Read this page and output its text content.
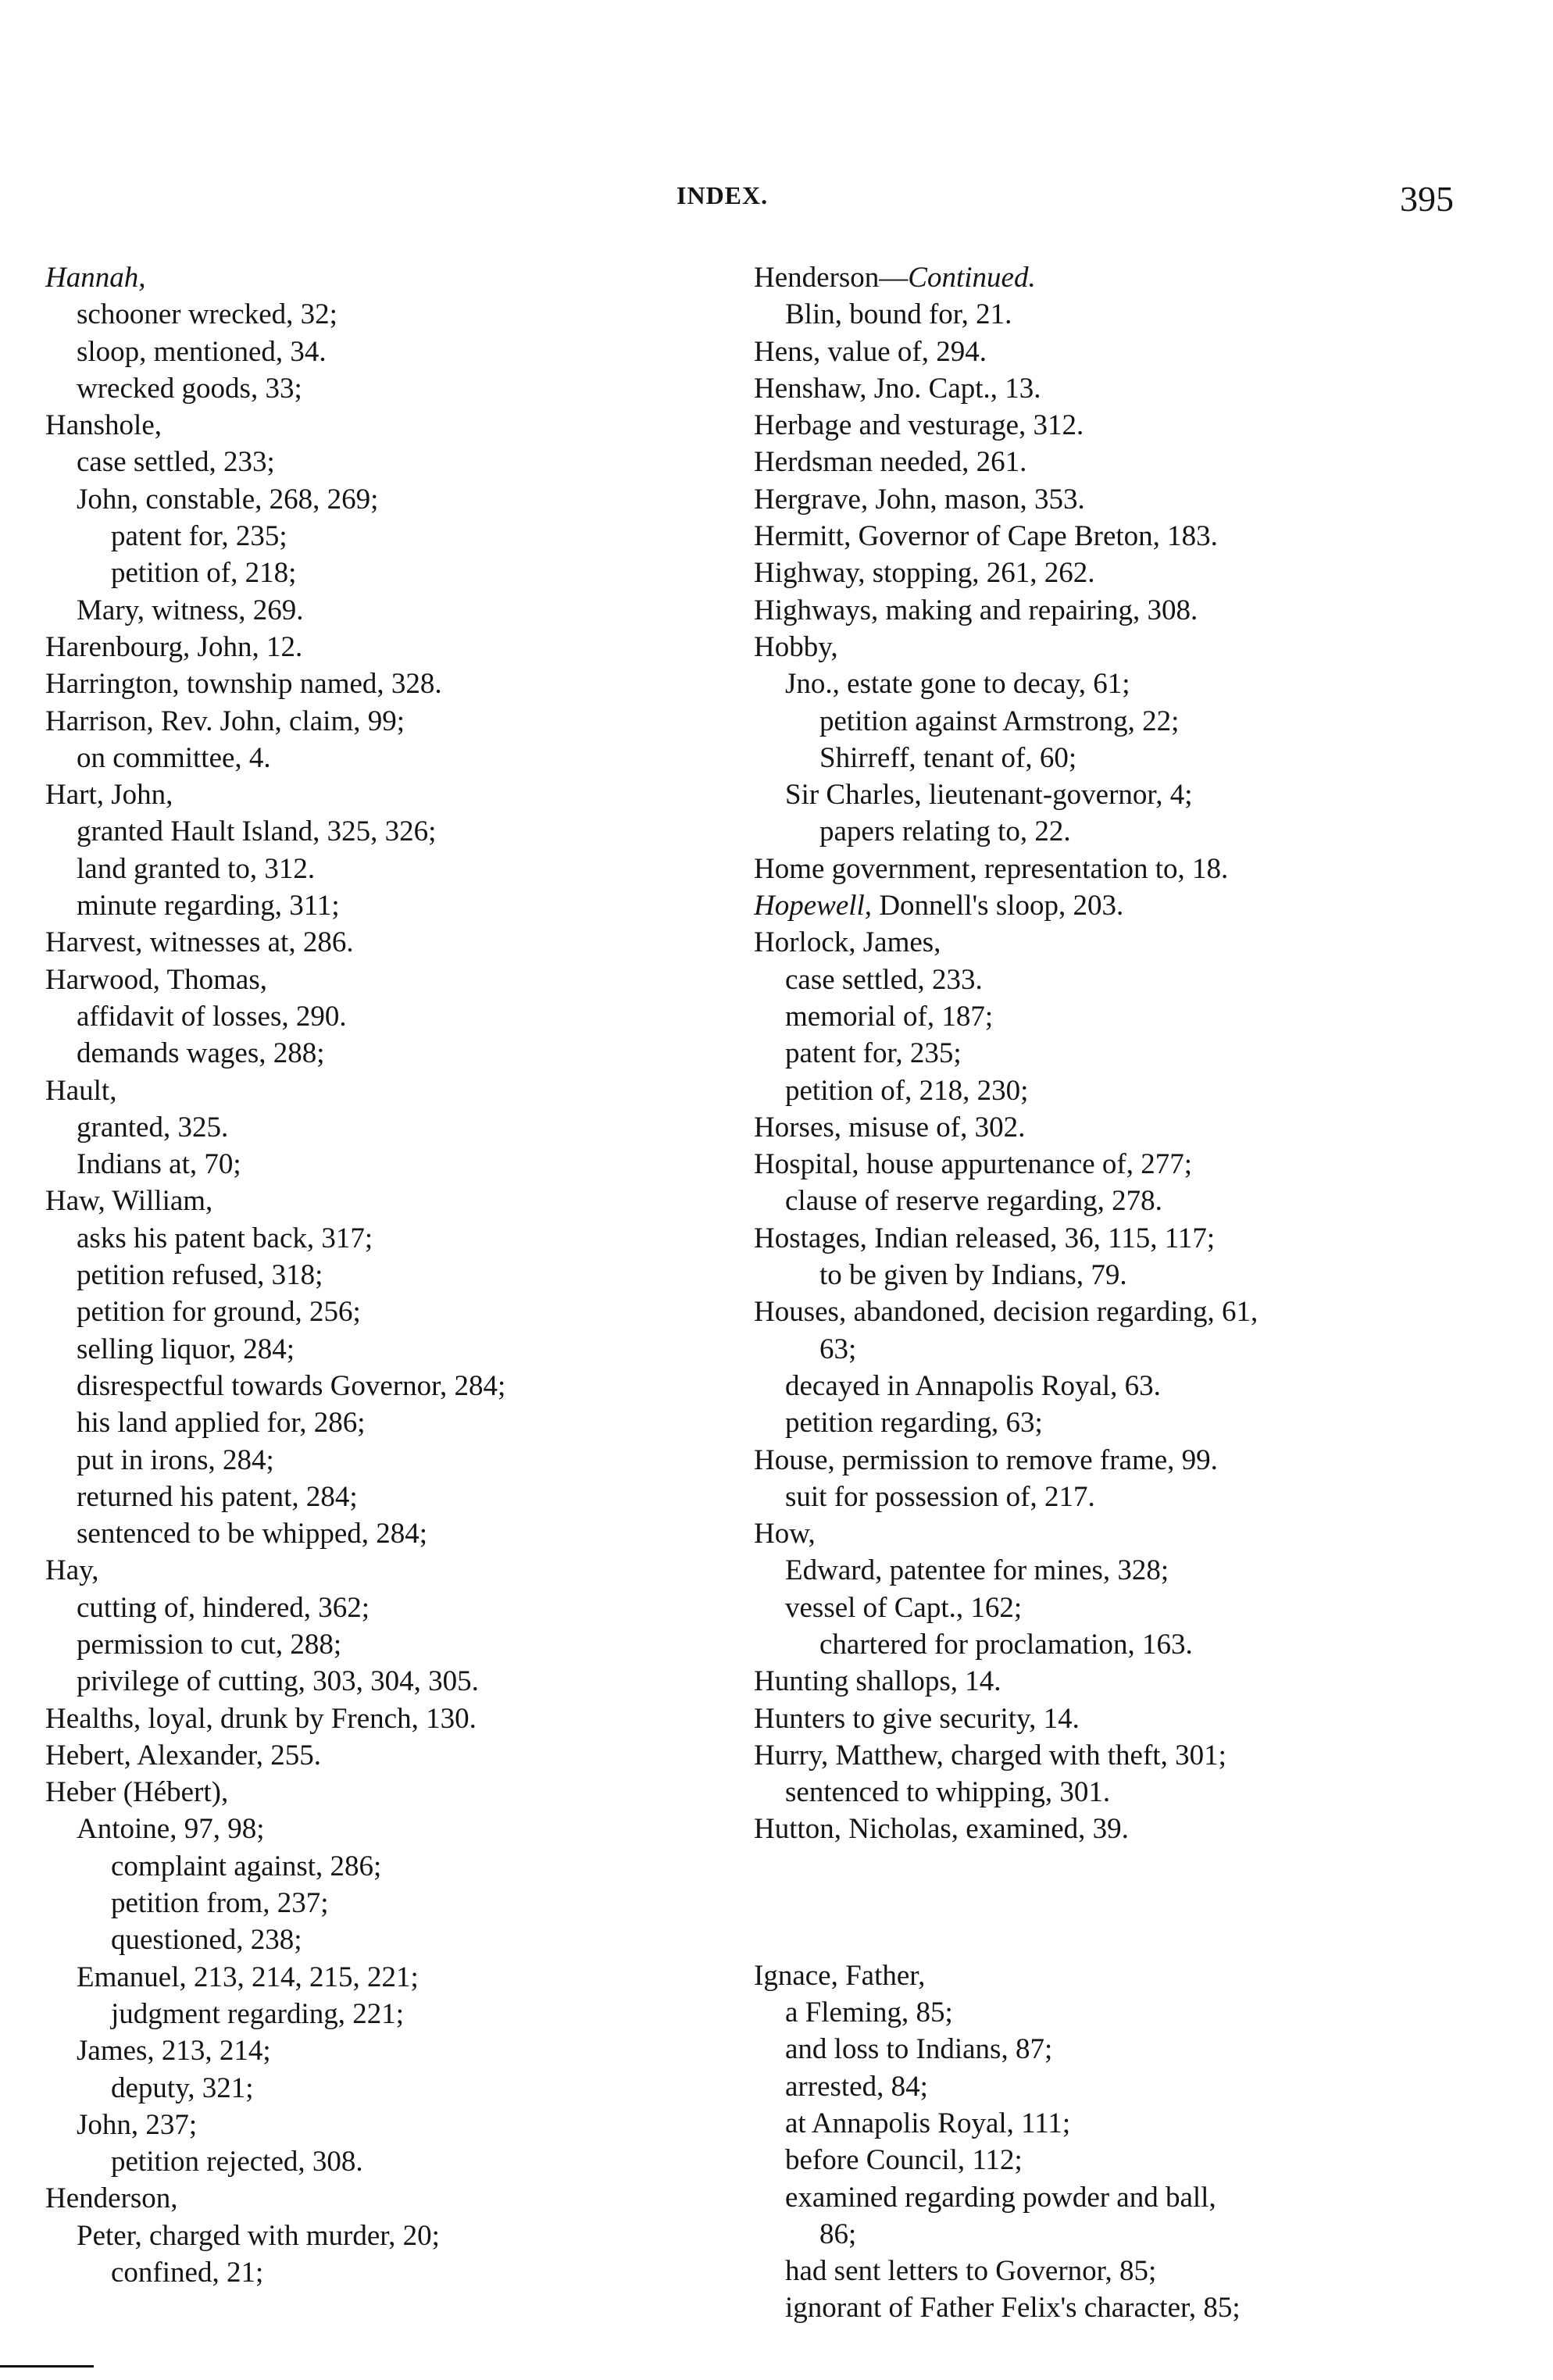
INDEX.	395
Hannah,
schooner wrecked, 32;
sloop, mentioned, 34.
wrecked goods, 33;
Hanshole,
case settled, 233;
John, constable, 268, 269;
patent for, 235;
petition of, 218;
Mary, witness, 269.
Harenbourg, John, 12.
Harrington, township named, 328.
Harrison, Rev. John, claim, 99;
on committee, 4.
Hart, John,
granted Hault Island, 325, 326;
land granted to, 312.
minute regarding, 311;
Harvest, witnesses at, 286.
Harwood, Thomas,
affidavit of losses, 290.
demands wages, 288;
Hault,
granted, 325.
Indians at, 70;
Haw, William,
asks his patent back, 317;
petition refused, 318;
petition for ground, 256;
selling liquor, 284;
disrespectful towards Governor, 284;
his land applied for, 286;
put in irons, 284;
returned his patent, 284;
sentenced to be whipped, 284;
Hay,
cutting of, hindered, 362;
permission to cut, 288;
privilege of cutting, 303, 304, 305.
Healths, loyal, drunk by French, 130.
Hebert, Alexander, 255.
Heber (Hébert),
Antoine, 97, 98;
complaint against, 286;
petition from, 237;
questioned, 238;
Emanuel, 213, 214, 215, 221;
judgment regarding, 221;
James, 213, 214;
deputy, 321;
John, 237;
petition rejected, 308.
Henderson,
Peter, charged with murder, 20;
confined, 21;
Henderson—Continued.
Blin, bound for, 21.
Hens, value of, 294.
Henshaw, Jno. Capt., 13.
Herbage and vesturage, 312.
Herdsman needed, 261.
Hergrave, John, mason, 353.
Hermitt, Governor of Cape Breton, 183.
Highway, stopping, 261, 262.
Highways, making and repairing, 308.
Hobby,
Jno., estate gone to decay, 61;
petition against Armstrong, 22;
Shirreff, tenant of, 60;
Sir Charles, lieutenant-governor, 4;
papers relating to, 22.
Home government, representation to, 18.
Hopewell, Donnell's sloop, 203.
Horlock, James,
case settled, 233.
memorial of, 187;
patent for, 235;
petition of, 218, 230;
Horses, misuse of, 302.
Hospital, house appurtenance of, 277;
clause of reserve regarding, 278.
Hostages, Indian released, 36, 115, 117;
to be given by Indians, 79.
Houses, abandoned, decision regarding, 61,
63;
decayed in Annapolis Royal, 63.
petition regarding, 63;
House, permission to remove frame, 99.
suit for possession of, 217.
How,
Edward, patentee for mines, 328;
vessel of Capt., 162;
chartered for proclamation, 163.
Hunting shallops, 14.
Hunters to give security, 14.
Hurry, Matthew, charged with theft, 301;
sentenced to whipping, 301.
Hutton, Nicholas, examined, 39.
Ignace, Father,
a Fleming, 85;
and loss to Indians, 87;
arrested, 84;
at Annapolis Royal, 111;
before Council, 112;
examined regarding powder and ball,
86;
had sent letters to Governor, 85;
ignorant of Father Felix's character, 85;
